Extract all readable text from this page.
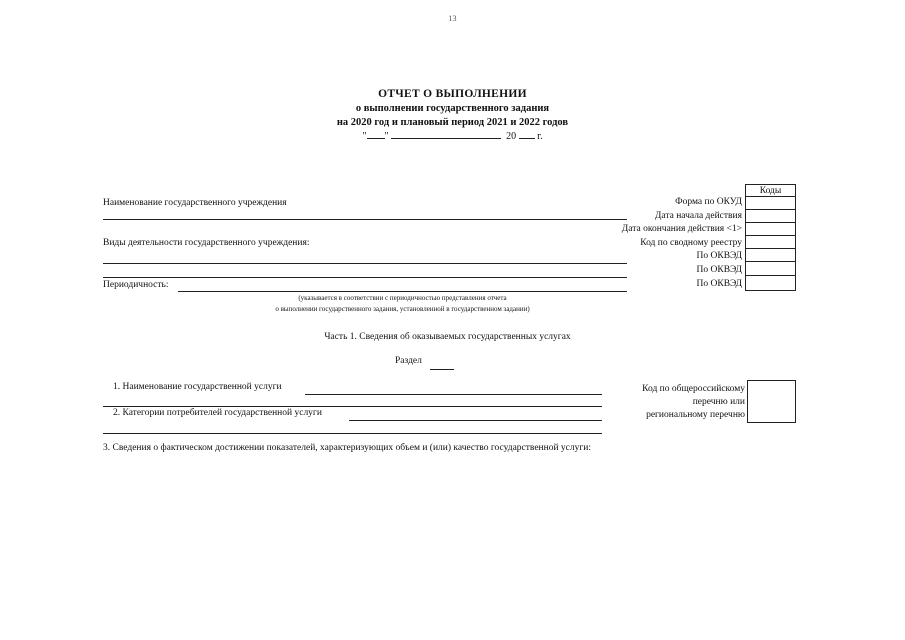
13
ОТЧЕТ О ВЫПОЛНЕНИИ
о выполнении государственного задания
на 2020 год и плановый период 2021 и 2022 годов
" "	20 г.
Коды
Форма по ОКУД
Дата начала действия
Дата окончания действия <1>
Код по сводному реестру
По ОКВЭД
По ОКВЭД
По ОКВЭД
Наименование государственного учреждения
Виды деятельности государственного учреждения:
Периодичность:
(указывается в соответствии с периодичностью представления отчета
о выполнении государственного задания, установленной в государственном задании)
Часть 1. Сведения об оказываемых государственных услугах
Раздел
1. Наименование государственной услуги
2. Категории потребителей государственной услуги
Код по общероссийскому
перечню или
региональному перечню
3. Сведения о фактическом достижении показателей, характеризующих объем и (или) качество государственной услуги:
